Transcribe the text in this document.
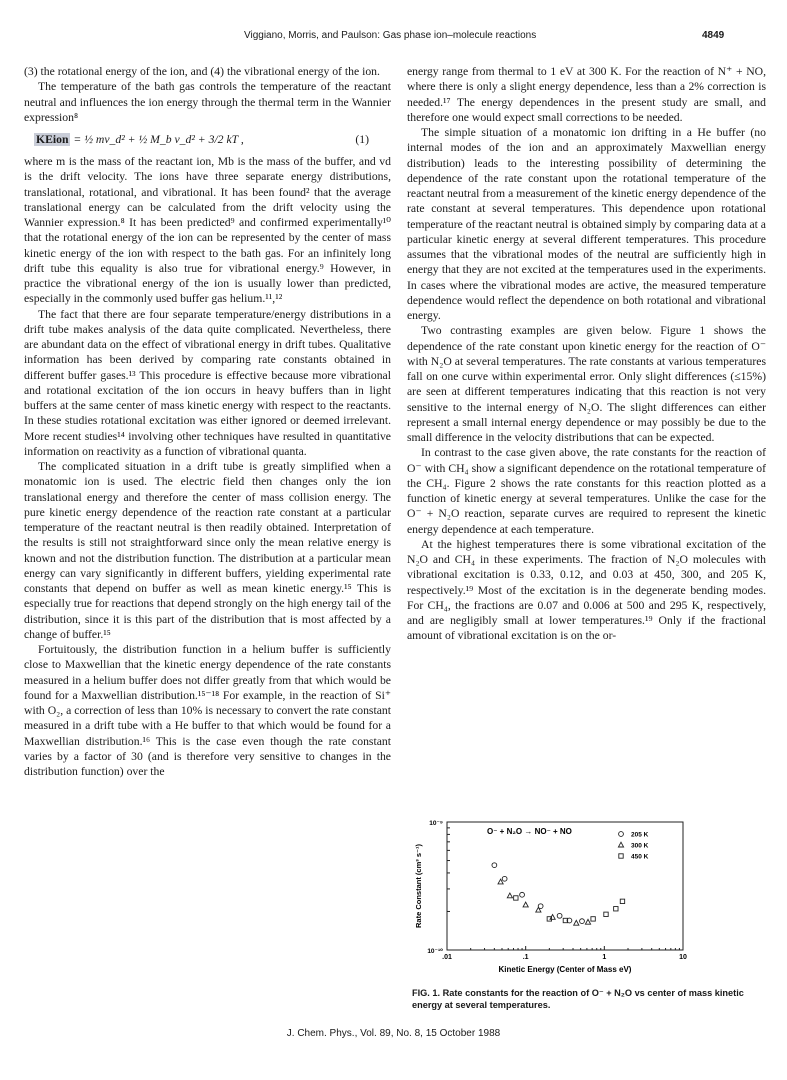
Viggiano, Morris, and Paulson: Gas phase ion–molecule reactions	4849

(3) the rotational energy of the ion, and (4) the vibrational energy of the ion.

The temperature of the bath gas controls the temperature of the reactant neutral and influences the ion energy through the thermal term in the Wannier expression⁸

KEion = ½ mv_d² + ½ M_b v_d² + 3/2 kT ,	(1)

where m is the mass of the reactant ion, Mb is the mass of the buffer, and vd is the drift velocity. The ions have three separate energy distributions, translational, rotational, and vibrational. It has been found² that the average translational energy can be calculated from the drift velocity using the Wannier expression.⁸ It has been predicted⁹ and confirmed experimentally¹⁰ that the rotational energy of the ion can be represented by the center of mass kinetic energy of the ion with respect to the bath gas. For an infinitely long drift tube this equality is also true for vibrational energy.⁹ However, in practice the vibrational energy of the ion is usually lower than predicted, especially in the commonly used buffer gas helium.¹¹,¹²

The fact that there are four separate temperature/energy distributions in a drift tube makes analysis of the data quite complicated. Nevertheless, there are abundant data on the effect of vibrational energy in drift tubes. Qualitative information has been derived by comparing rate constants obtained in different buffer gases.¹³ This procedure is effective because more vibrational and rotational excitation of the ion occurs in heavy buffers than in light buffers at the same center of mass kinetic energy with respect to the reactants. In these studies rotational excitation was either ignored or deemed irrelevant. More recent studies¹⁴ involving other techniques have resulted in quantitative information on reactivity as a function of vibrational quanta.

The complicated situation in a drift tube is greatly simplified when a monatomic ion is used. The electric field then changes only the ion translational energy and therefore the center of mass collision energy. The pure kinetic energy dependence of the reaction rate constant at a particular temperature of the reactant neutral is then readily obtained. Interpretation of the results is still not straightforward since only the mean relative energy is known and not the distribution function. The distribution at a particular mean energy can vary significantly in different buffers, yielding experimental rate constants that depend on buffer as well as mean kinetic energy.¹⁵ This is especially true for reactions that depend strongly on the high energy tail of the distribution, since it is this part of the distribution that is most affected by a change of buffer.¹⁵

Fortuitously, the distribution function in a helium buffer is sufficiently close to Maxwellian that the kinetic energy dependence of the rate constants measured in a helium buffer does not differ greatly from that which would be found for a Maxwellian distribution.¹⁵⁻¹⁸ For example, in the reaction of Si⁺ with O₂, a correction of less than 10% is necessary to convert the rate constant measured in a drift tube with a He buffer to that which would be found for a Maxwellian distribution.¹⁶ This is the case even though the rate constant varies by a factor of 30 (and is therefore very sensitive to changes in the distribution function) over the

energy range from thermal to 1 eV at 300 K. For the reaction of N⁺ + NO, where there is only a slight energy dependence, less than a 2% correction is needed.¹⁷ The energy dependences in the present study are small, and therefore one would expect small corrections to be needed.

The simple situation of a monatomic ion drifting in a He buffer (no internal modes of the ion and an approximately Maxwellian energy distribution) leads to the interesting possibility of determining the dependence of the rate constant upon the rotational temperature of the reactant neutral from a measurement of the kinetic energy dependence of the rate constant at several temperatures. This dependence upon rotational temperature of the reactant neutral is obtained simply by comparing data at a particular kinetic energy at several different temperatures. This procedure assumes that the vibrational modes of the neutral are sufficiently high in energy that they are not excited at the temperatures used in the experiments. In cases where the vibrational modes are active, the measured temperature dependence would reflect the dependence on both rotational and vibrational energy.

Two contrasting examples are given below. Figure 1 shows the dependence of the rate constant upon kinetic energy for the reaction of O⁻ with N₂O at several temperatures. The rate constants at various temperatures fall on one curve within experimental error. Only slight differences (≤15%) are seen at different temperatures indicating that this reaction is not very sensitive to the internal energy of N₂O. The slight differences can either represent a small internal energy dependence or may possibly be due to the small difference in the velocity distributions that can be expected.

In contrast to the case given above, the rate constants for the reaction of O⁻ with CH₄ show a significant dependence on the rotational temperature of the CH₄. Figure 2 shows the rate constants for this reaction plotted as a function of kinetic energy at several temperatures. Unlike the case for the O⁻ + N₂O reaction, separate curves are required to represent the kinetic energy dependence at each temperature.

At the highest temperatures there is some vibrational excitation of the N₂O and CH₄ in these experiments. The fraction of N₂O molecules with vibrational excitation is 0.33, 0.12, and 0.03 at 450, 300, and 205 K, respectively.¹⁹ Most of the excitation is in the degenerate bending modes. For CH₄, the fractions are 0.07 and 0.006 at 500 and 295 K, respectively, and are negligibly small at lower temperatures.¹⁹ Only if the fractional amount of vibrational excitation is on the or-

O⁻ + N₂O → NO⁻ + NO
Rate Constant (cm³ s⁻¹)
Kinetic Energy (Center of Mass eV)
.01	.1	1	10
10⁻⁹
10⁻¹⁰
205 K
300 K
450 K
FIG. 1. Rate constants for the reaction of O⁻ + N₂O vs center of mass kinetic energy at several temperatures.
J. Chem. Phys., Vol. 89, No. 8, 15 October 1988
